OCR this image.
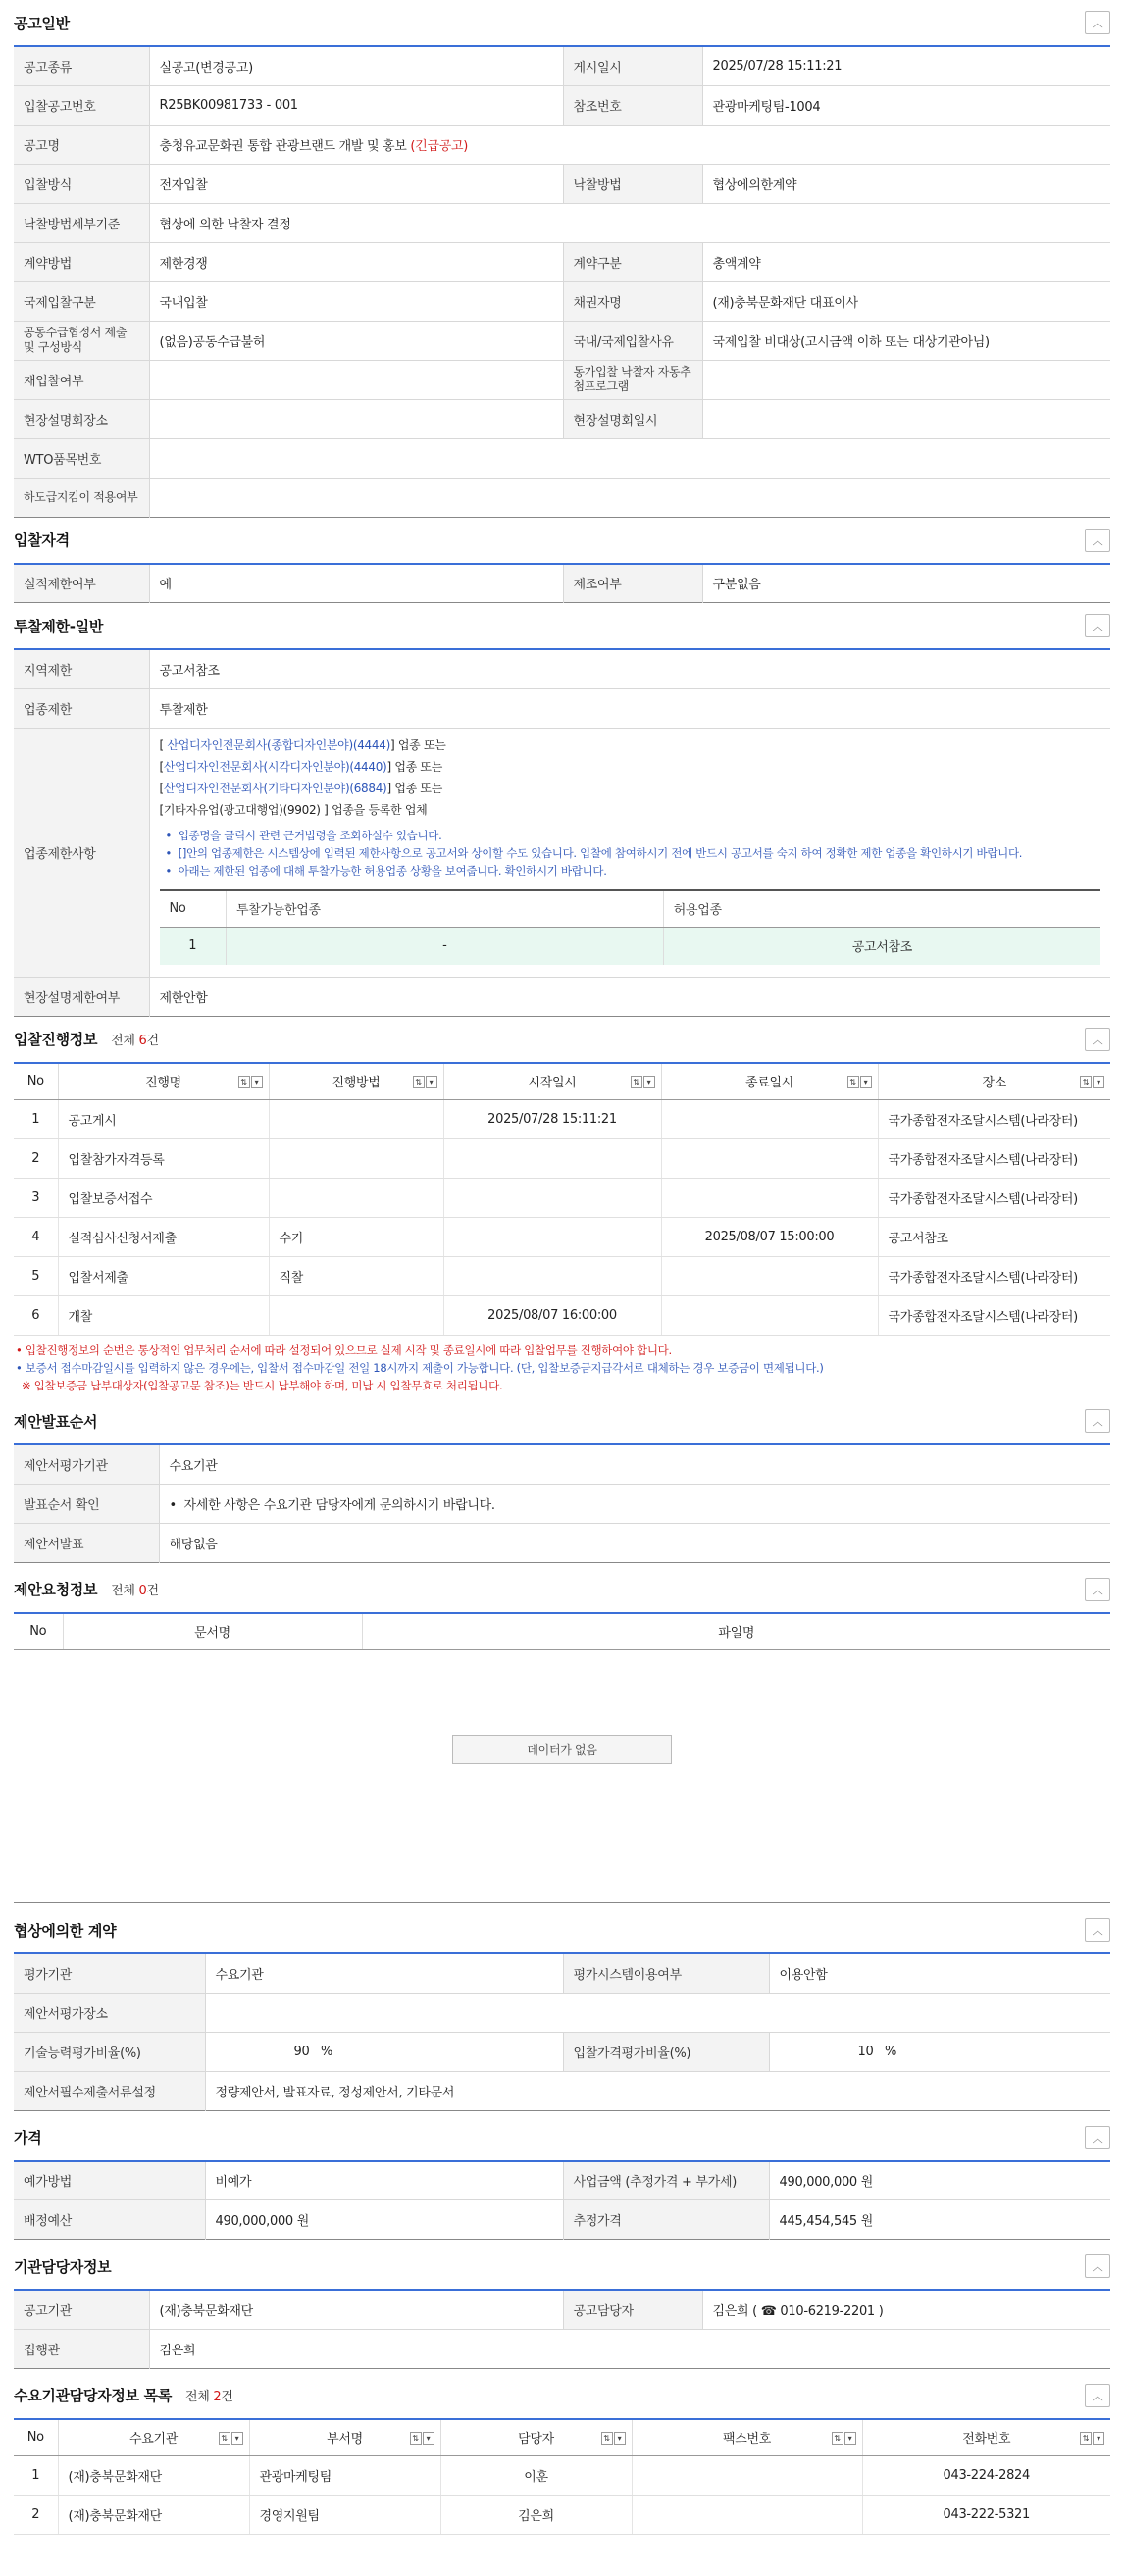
공고일반	︿
공고종류	실공고(변경공고)	게시일시	2025/07/28 15:11:21
입찰공고번호	R25BK00981733 - 001	참조번호	관광마케팅팀-1004
공고명	충청유교문화권 통합 관광브랜드 개발 및 홍보 (긴급공고)		
입찰방식	전자입찰	낙찰방법	협상에의한계약
낙찰방법세부기준	협상에 의한 낙찰자 결정		
계약방법	제한경쟁	계약구분	총액계약
국제입찰구분	국내입찰	채권자명	(재)충북문화재단 대표이사
공동수급협정서 제출 및 구성방식	(없음)공동수급불허	국내/국제입찰사유	국제입찰 비대상(고시금액 이하 또는 대상기관아님)
재입찰여부		동가입찰 낙찰자 자동추첨프로그램	
현장설명회장소		현장설명회일시	
WTO품목번호			
하도급지킴이 적용여부			
입찰자격	︿
실적제한여부	예	제조여부	구분없음
투찰제한-일반	︿
지역제한	공고서참조
업종제한	투찰제한
업종제한사항	
[ 산업디자인전문회사(종합디자인분야)(4444)] 업종 또는
[산업디자인전문회사(시각디자인분야)(4440)] 업종 또는
[산업디자인전문회사(기타디자인분야)(6884)] 업종 또는
[기타자유업(광고대행업)(9902) ] 업종을 등록한 업체
• 업종명을 클릭시 관련 근거법령을 조회하실수 있습니다.
• []안의 업종제한은 시스템상에 입력된 제한사항으로 공고서와 상이할 수도 있습니다. 입찰에 참여하시기 전에 반드시 공고서를 숙지 하여 정확한 제한 업종을 확인하시기 바랍니다.
• 아래는 제한된 업종에 대해 투찰가능한 허용업종 상황을 보여줍니다. 확인하시기 바랍니다.
No	투찰가능한업종	허용업종
1	-	공고서참조

현장설명제한여부	제한안함
입찰진행정보 전체 6건	︿
No	진행명 ⇅ ▾	진행방법 ⇅ ▾	시작일시 ⇅ ▾	종료일시 ⇅ ▾	장소 ⇅ ▾

1	공고게시		2025/07/28 15:11:21		국가종합전자조달시스템(나라장터)
2	입찰참가자격등록				국가종합전자조달시스템(나라장터)
3	입찰보증서접수				국가종합전자조달시스템(나라장터)
4	실적심사신청서제출	수기		2025/08/07 15:00:00	공고서참조
5	입찰서제출	직찰			국가종합전자조달시스템(나라장터)
6	개찰		2025/08/07 16:00:00		국가종합전자조달시스템(나라장터)
• 입찰진행정보의 순번은 통상적인 업무처리 순서에 따라 설정되어 있으므로 실제 시작 및 종료일시에 따라 입찰업무를 진행하여야 합니다.
• 보증서 접수마감일시를 입력하지 않은 경우에는, 입찰서 접수마감일 전일 18시까지 제출이 가능합니다. (단, 입찰보증금지급각서로 대체하는 경우 보증금이 면제됩니다.)
※ 입찰보증금 납부대상자(입찰공고문 참조)는 반드시 납부해야 하며, 미납 시 입찰무효로 처리됩니다.
제안발표순서	︿
제안서평가기관	수요기관
발표순서 확인	• 자세한 사항은 수요기관 담당자에게 문의하시기 바랍니다.
제안서발표	해당없음
제안요청정보 전체 0건	︿
No	문서명	파일명
데이터가 없음
협상에의한 계약	︿
평가기관	수요기관	평가시스템이용여부	이용안함
제안서평가장소			
기술능력평가비율(%)	90 %	입찰가격평가비율(%)	10 %
제안서필수제출서류설정	정량제안서, 발표자료, 정성제안서, 기타문서		
가격	︿
예가방법	비예가	사업금액 (추정가격 + 부가세)	490,000,000 원
배정예산	490,000,000 원	추정가격	445,454,545 원
기관담당자정보	︿
공고기관	(재)충북문화재단	공고담당자	김은희 ( ☎ 010-6219-2201 )
집행관	김은희		
수요기관담당자정보 목록 전체 2건	︿
No	수요기관 ⇅ ▾	부서명 ⇅ ▾	담당자 ⇅ ▾	팩스번호 ⇅ ▾	전화번호 ⇅ ▾

1	(재)충북문화재단	관광마케팅팀	이훈		043-224-2824
2	(재)충북문화재단	경영지원팀	김은희		043-222-5321
